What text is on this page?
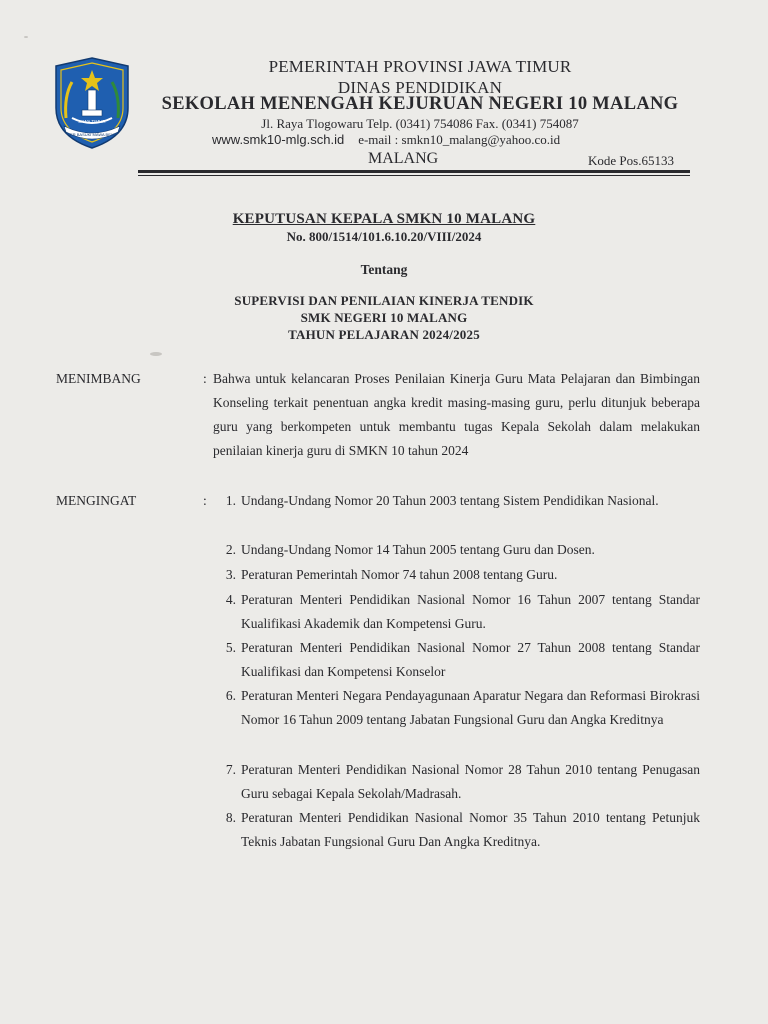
JAWA TIMUR
JER BASUKI MAWA BEYA
PEMERINTAH PROVINSI JAWA TIMUR
DINAS PENDIDIKAN
SEKOLAH MENENGAH KEJURUAN NEGERI 10 MALANG
Jl. Raya Tlogowaru Telp. (0341) 754086 Fax. (0341) 754087
www.smk10-mlg.sch.id e-mail : smkn10_malang@yahoo.co.id
MALANG	Kode Pos.65133
KEPUTUSAN KEPALA SMKN 10 MALANG
No. 800/1514/101.6.10.20/VIII/2024
Tentang
SUPERVISI DAN PENILAIAN KINERJA TENDIK
SMK NEGERI 10 MALANG
TAHUN PELAJARAN 2024/2025
MENIMBANG	: Bahwa untuk kelancaran Proses Penilaian Kinerja Guru Mata Pelajaran dan Bimbingan Konseling terkait penentuan angka kredit masing-masing guru, perlu ditunjuk beberapa guru yang berkompeten untuk membantu tugas Kepala Sekolah dalam melakukan penilaian kinerja guru di SMKN 10 tahun 2024
MENGINGAT	:	1. Undang-Undang Nomor 20 Tahun 2003 tentang Sistem Pendidikan Nasional.
2. Undang-Undang Nomor 14 Tahun 2005 tentang Guru dan Dosen.
3. Peraturan Pemerintah Nomor 74 tahun 2008 tentang Guru.
4. Peraturan Menteri Pendidikan Nasional Nomor 16 Tahun 2007 tentang Standar Kualifikasi Akademik dan Kompetensi Guru.
5. Peraturan Menteri Pendidikan Nasional Nomor 27 Tahun 2008 tentang Standar Kualifikasi dan Kompetensi Konselor
6. Peraturan Menteri Negara Pendayagunaan Aparatur Negara dan Reformasi Birokrasi Nomor 16 Tahun 2009 tentang Jabatan Fungsional Guru dan Angka Kreditnya
7. Peraturan Menteri Pendidikan Nasional Nomor 28 Tahun 2010 tentang Penugasan Guru sebagai Kepala Sekolah/Madrasah.
8. Peraturan Menteri Pendidikan Nasional Nomor 35 Tahun 2010 tentang Petunjuk Teknis Jabatan Fungsional Guru Dan Angka Kreditnya.
